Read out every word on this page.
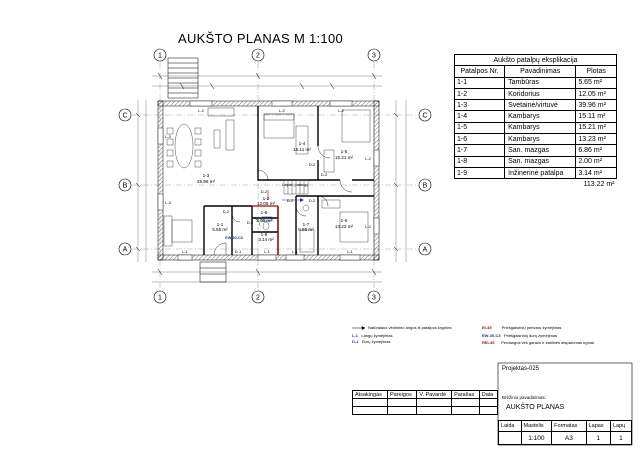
1	2	3
1	2	3
C
B
A
C
B
A
1-3
39.96 m²
1-4
15.11 m²	1-5
15.21 m²
1-6
13.23 m²
1-7
6.86 m²
1-2
12.05 m²
1-1
5.65 m²
1-8
2.00 m²
1-9
3.14 m²
Laiptai į pastogę
L-2	L-2	L-2
L-1	L-1	L-1	L-1
L-3
L-3
L-2
L-2
D-1
D-2
D-2
D-2
D-2
D-2
D-2
D-2
EW-30-C3
AUKŠTO PLANAS M 1:100
Aukšto patalpų eksplikacija		
Patalpos Nr.	Pavadinimas	Plotas
1-1	Tambūras	5.65 m²
1-2	Koridorius	12.05 m²
1-3	Svetainė/virtuvė	39.96 m²
1-4	Kambarys	15.11 m²
1-5	Kambarys	15.21 m²
1-6	Kambarys	13.23 m²
1-7	San. mazgas	6.86 m²
1-8	San. mazgas	2.00 m²
1-9	Inžinerinė patalpa	3.14 m²
		113.22 m²
Natūralaus vėdinimo angos iš patalpos krypties
L-1 Langų žymėjimas
D-1 Durų žymėjimas
EI-45	Priešgaisrinių pertvarų žymėjimas
EW-30-C3 Priešgaisrinių durų žymėjimas
REI-45 Perdangos virš garažo ir katilinės atsparumas ugniai
Projektas-025
Brėžinio pavadinimas:
AUKŠTO PLANAS
Atsakingas	Pareigos	V. Pavardė	Parašas	Data

Laida	Mastelis	Formatas	Lapas	Lapų
	1:100	A3	1	1
